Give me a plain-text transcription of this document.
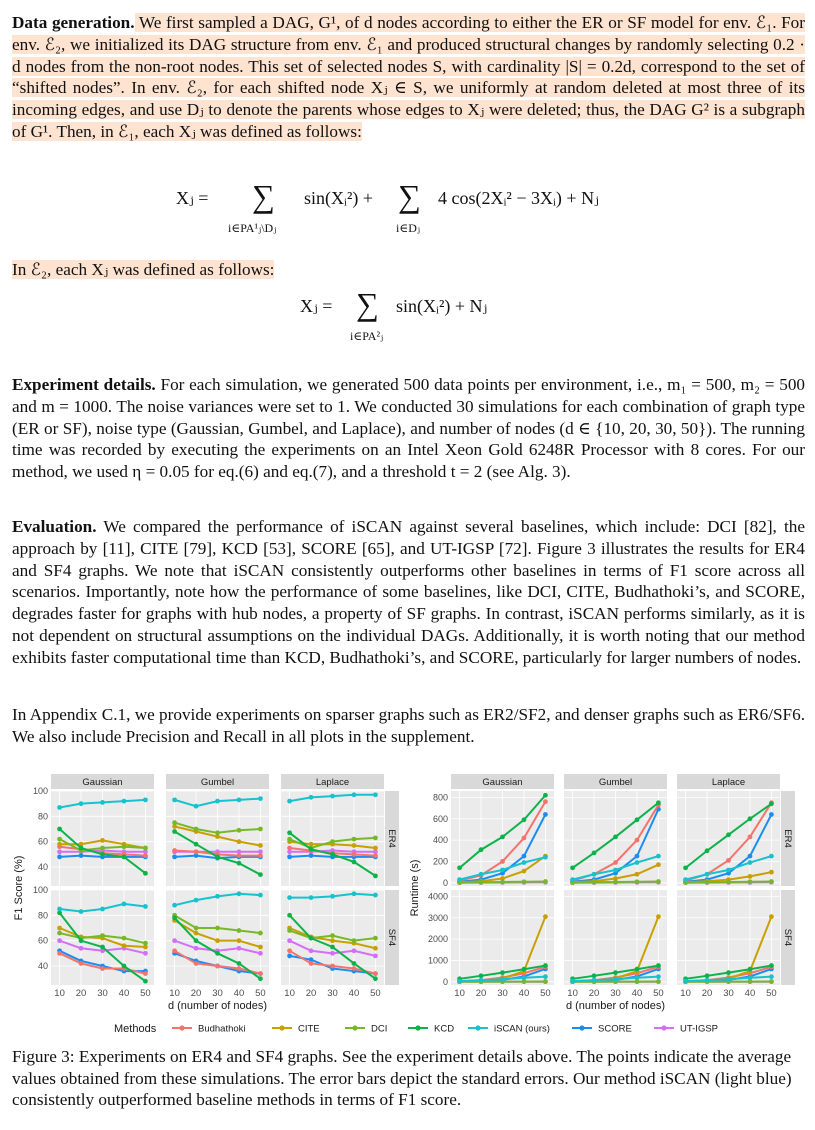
Data generation. We first sampled a DAG, G¹, of d nodes according to either the ER or SF model for env. ℰ₁. For env. ℰ₂, we initialized its DAG structure from env. ℰ₁ and produced structural changes by randomly selecting 0.2 · d nodes from the non-root nodes. This set of selected nodes S, with cardinality |S| = 0.2d, correspond to the set of “shifted nodes”. In env. ℰ₂, for each shifted node Xⱼ ∈ S, we uniformly at random deleted at most three of its incoming edges, and use Dⱼ to denote the parents whose edges to Xⱼ were deleted; thus, the DAG G² is a subgraph of G¹. Then, in ℰ₁, each Xⱼ was defined as follows:
Xⱼ =	∑
i∈PA¹ⱼ\Dⱼ
sin(Xᵢ²) + ∑
i∈Dⱼ
4 cos(2Xᵢ² − 3Xᵢ) + Nⱼ
In ℰ₂, each Xⱼ was defined as follows:
Xⱼ = ∑
i∈PA²ⱼ
sin(Xᵢ²) + Nⱼ
Experiment details. For each simulation, we generated 500 data points per environment, i.e., m₁ = 500, m₂ = 500 and m = 1000. The noise variances were set to 1. We conducted 30 simulations for each combination of graph type (ER or SF), noise type (Gaussian, Gumbel, and Laplace), and number of nodes (d ∈ {10, 20, 30, 50}). The running time was recorded by executing the experiments on an Intel Xeon Gold 6248R Processor with 8 cores. For our method, we used η = 0.05 for eq.(6) and eq.(7), and a threshold t = 2 (see Alg. 3).
Evaluation. We compared the performance of iSCAN against several baselines, which include: DCI [82], the approach by [11], CITE [79], KCD [53], SCORE [65], and UT-IGSP [72]. Figure 3 illustrates the results for ER4 and SF4 graphs. We note that iSCAN consistently outperforms other baselines in terms of F1 score across all scenarios. Importantly, note how the performance of some baselines, like DCI, CITE, Budhathoki’s, and SCORE, degrades faster for graphs with hub nodes, a property of SF graphs. In contrast, iSCAN performs similarly, as it is not dependent on structural assumptions on the individual DAGs. Additionally, it is worth noting that our method exhibits faster computational time than KCD, Budhathoki’s, and SCORE, particularly for larger numbers of nodes.
In Appendix C.1, we provide experiments on sparser graphs such as ER2/SF2, and denser graphs such as ER6/SF6. We also include Precision and Recall in all plots in the supplement.
Gaussian
40
60
80
100
Gumbel	Laplace
ER4
10 20 30 40 50
40
60
80
100
10 20 30 40 50 10 20 30 40 50
SF4
d (number of nodes)
F1 Score (%)
Gaussian
0
200
400
600
800
Gumbel	Laplace
ER4
10 20 30 40 50
0
1000
2000
3000
4000
10 20 30 40 50 10 20 30 40 50
SF4
d (number of nodes)
Runtime (s)
Methods	Budhathoki	CITE	DCI	KCD	iSCAN (ours)	SCORE	UT-IGSP
Figure 3: Experiments on ER4 and SF4 graphs. See the experiment details above. The points indicate the average values obtained from these simulations. The error bars depict the standard errors. Our method iSCAN (light blue) consistently outperformed baseline methods in terms of F1 score.
